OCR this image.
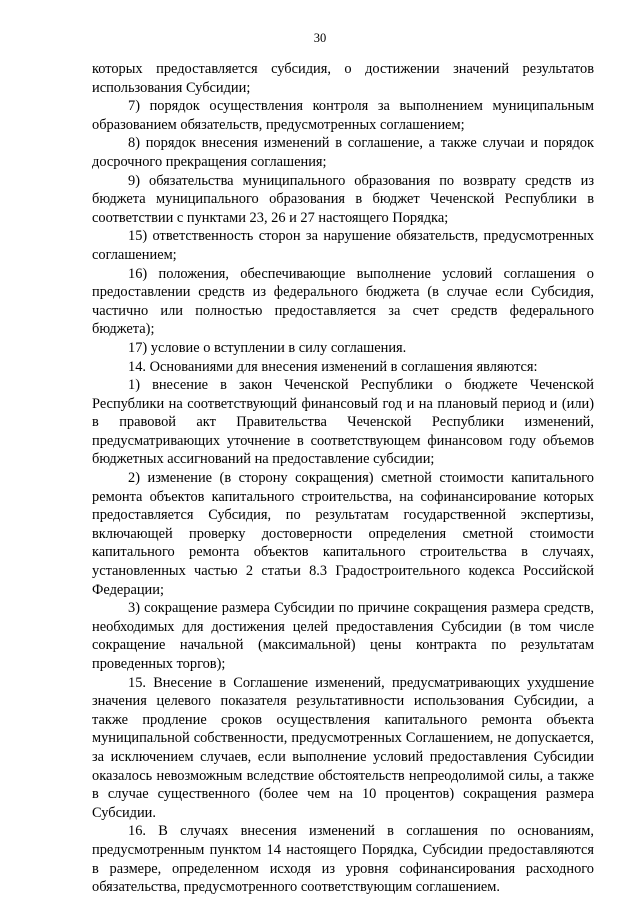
30

которых предоставляется субсидия, о достижении значений результатов использования Субсидии;

7) порядок осуществления контроля за выполнением муниципальным образованием обязательств, предусмотренных соглашением;

8) порядок внесения изменений в соглашение, а также случаи и порядок досрочного прекращения соглашения;

9) обязательства муниципального образования по возврату средств из бюджета муниципального образования в бюджет Чеченской Республики в соответствии с пунктами 23, 26 и 27 настоящего Порядка;

15) ответственность сторон за нарушение обязательств, предусмотренных соглашением;

16) положения, обеспечивающие выполнение условий соглашения о предоставлении средств из федерального бюджета (в случае если Субсидия, частично или полностью предоставляется за счет средств федерального бюджета);

17) условие о вступлении в силу соглашения.

14. Основаниями для внесения изменений в соглашения являются:

1) внесение в закон Чеченской Республики о бюджете Чеченской Республики на соответствующий финансовый год и на плановый период и (или) в правовой акт Правительства Чеченской Республики изменений, предусматривающих уточнение в соответствующем финансовом году объемов бюджетных ассигнований на предоставление субсидии;

2) изменение (в сторону сокращения) сметной стоимости капитального ремонта объектов капитального строительства, на софинансирование которых предоставляется Субсидия, по результатам государственной экспертизы, включающей проверку достоверности определения сметной стоимости капитального ремонта объектов капитального строительства в случаях, установленных частью 2 статьи 8.3 Градостроительного кодекса Российской Федерации;

3) сокращение размера Субсидии по причине сокращения размера средств, необходимых для достижения целей предоставления Субсидии (в том числе сокращение начальной (максимальной) цены контракта по результатам проведенных торгов);

15. Внесение в Соглашение изменений, предусматривающих ухудшение значения целевого показателя результативности использования Субсидии, а также продление сроков осуществления капитального ремонта объекта муниципальной собственности, предусмотренных Соглашением, не допускается, за исключением случаев, если выполнение условий предоставления Субсидии оказалось невозможным вследствие обстоятельств непреодолимой силы, а также в случае существенного (более чем на 10 процентов) сокращения размера Субсидии.

16. В случаях внесения изменений в соглашения по основаниям, предусмотренным пунктом 14 настоящего Порядка, Субсидии предоставляются в размере, определенном исходя из уровня софинансирования расходного обязательства, предусмотренного соответствующим соглашением.
